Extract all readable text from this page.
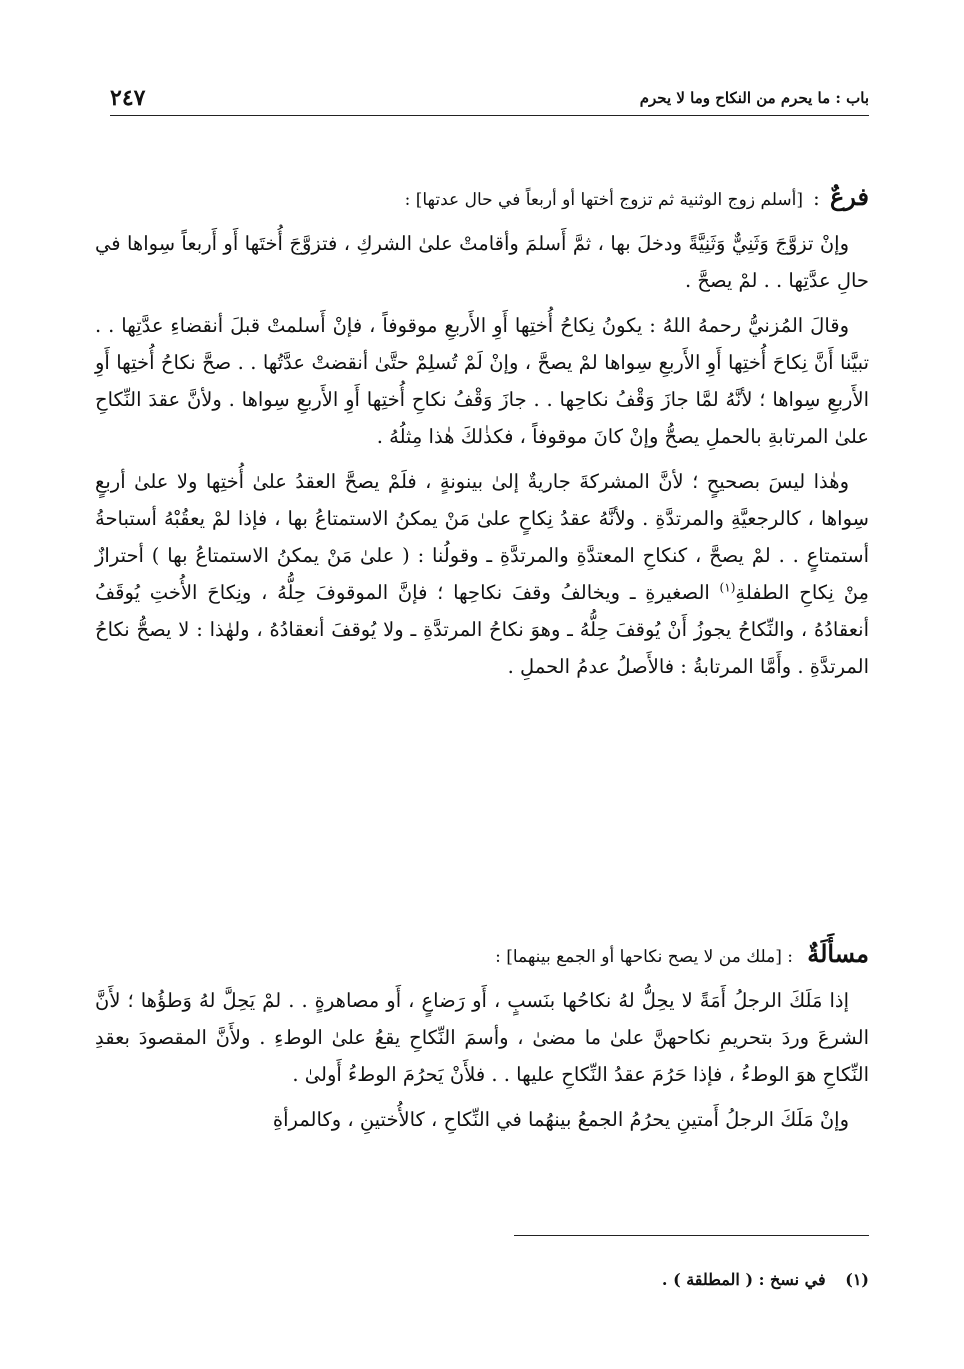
باب : ما يحرم من النكاح وما لا يحرم
٢٤٧

فرعٌ : [أسلم زوج الوثنية ثم تزوج أختها أو أربعاً في حال عدتها] :

وإنْ تزوَّجَ وَثَنِيٌّ وَثَنِيَّةً ودخلَ بها ، ثمَّ أَسلمَ وأقامتْ علىٰ الشركِ ، فتزوَّجَ أُختَها أَو أَربعاً سِواها في حالِ عدَّتِها . . لمْ يصحَّ .

وقالَ المُزنيُّ رحمهُ اللهُ : يكونُ نِكاحُ أُختِها أَوِ الأَربعِ موقوفاً ، فإنْ أَسلمتْ قبلَ أنقضاءِ عدَّتِها . . تبيَّنا أَنَّ نِكاحَ أُختِها أَوِ الأَربعِ سِواها لمْ يصحَّ ، وإنْ لَمْ تُسلِمْ حتَّىٰ أنقضتْ عدَّتُها . . صحَّ نكاحُ أُختِها أَوِ الأَربعِ سِواها ؛ لأنَّهُ لمَّا جازَ وَقْفُ نكاحِها . . جازَ وَقْفُ نكاحِ أُختِها أَوِ الأَربعِ سِواها . ولأنَّ عقدَ النِّكاحِ علىٰ المرتابةِ بالحملِ يصحُّ وإنْ كانَ موقوفاً ، فكذٰلكَ هٰذا مِثلُهُ .

وهٰذا ليسَ بصحيحٍ ؛ لأنَّ المشركةَ جاريةٌ إلىٰ بينونةٍ ، فلَمْ يصحَّ العقدُ علىٰ أُختِها ولا علىٰ أربعٍ سِواها ، كالرجعيَّةِ والمرتدَّةِ . ولأنَّهُ عقدُ نِكاحٍ علىٰ مَنْ يمكنُ الاستمتاعُ بها ، فإذا لمْ يعقُبْهُ أستباحةُ أستمتاعٍ . . لمْ يصحَّ ، كنكاحِ المعتدَّةِ والمرتدَّةِ ـ وقولُنا : ( علىٰ مَنْ يمكنُ الاستمتاعُ بها ) أحترازٌ مِنْ نِكاحِ الطفلةِ$^{(١)}$ الصغيرةِ ـ ويخالفُ وقفَ نكاحِها ؛ فإنَّ الموقوفَ حِلُّهُ ، ونِكاحَ الأُختِ يُوقَفُ أنعقادُهُ ، والنِّكاحُ يجوزُ أَنْ يُوقفَ حِلُّهُ ـ وهوَ نكاحُ المرتدَّةِ ـ ولا يُوقفَ أنعقادُهُ ، ولهٰذا : لا يصحُّ نكاحُ المرتدَّةِ . وأَمَّا المرتابةُ : فالأَصلُ عدمُ الحملِ .

مسأَلَةٌ : [ملك من لا يصح نكاحها أو الجمع بينهما] :

إذا مَلَكَ الرجلُ أَمَةً لا يحِلُّ لهُ نكاحُها بنَسبٍ ، أَو رَضاعٍ ، أَو مصاهرةٍ . . لمْ يَحِلَّ لهُ وَطؤُها ؛ لأَنَّ الشرعَ وردَ بتحريمِ نكاحهنَّ علىٰ ما مضىٰ ، وأسمَ النِّكاحِ يقعُ علىٰ الوطءِ . ولأَنَّ المقصودَ بعقدِ النِّكاحِ هوَ الوطءُ ، فإذا حَرُمَ عقدُ النِّكاحِ عليها . . فلأَنْ يَحرُمَ الوطءُ أَولىٰ .

وإنْ مَلَكَ الرجلُ أَمتينِ يحرُمُ الجمعُ بينهُما في النِّكاحِ ، كالأُختينِ ، وكالمرأةِ

(١) في نسخ : ( المطلقة ) .
